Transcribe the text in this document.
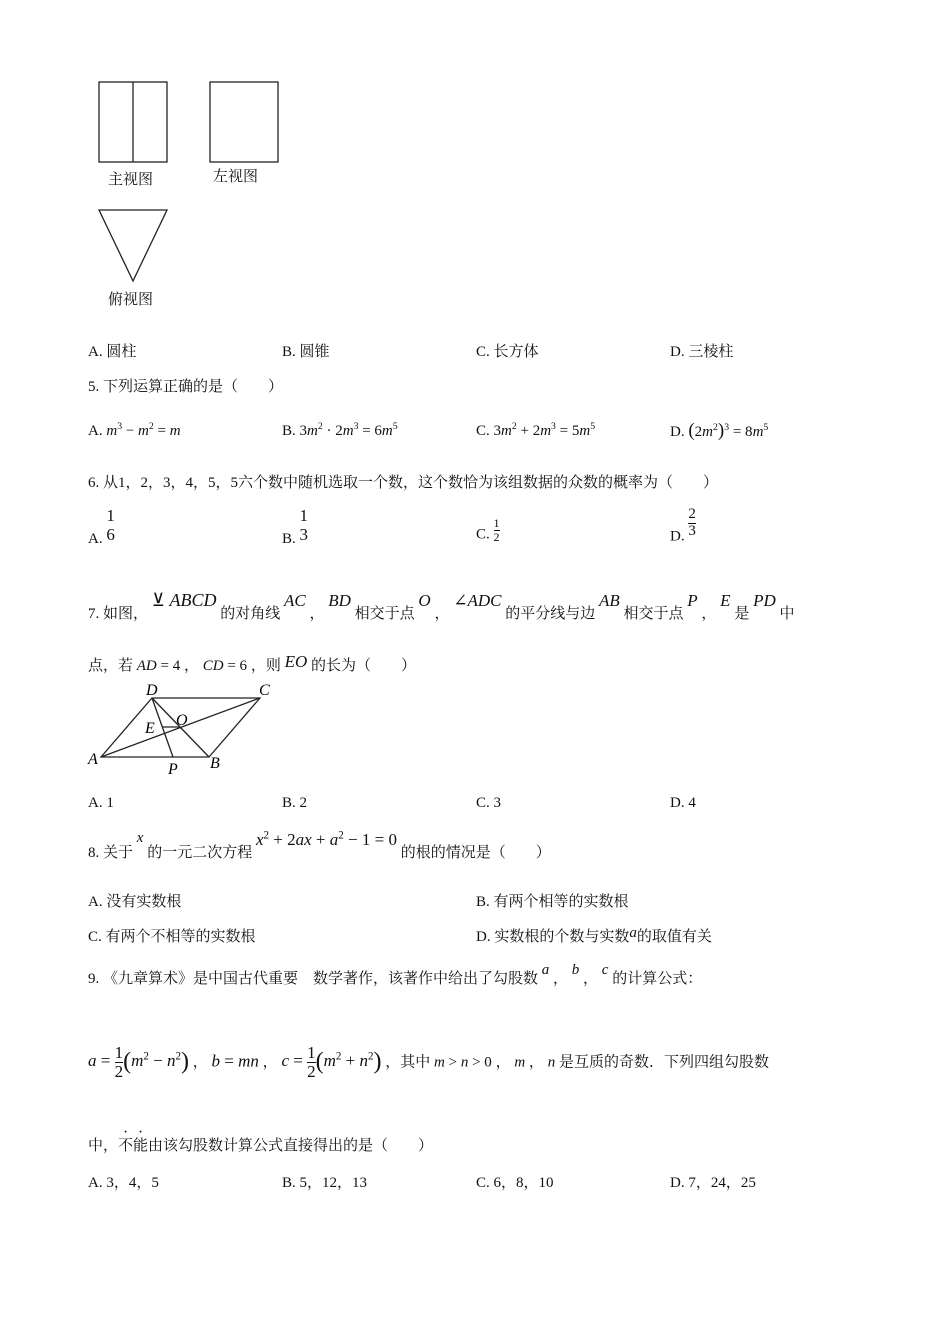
主视图	左视图
俯视图
A. 圆柱	B. 圆锥	C. 长方体	D. 三棱柱
5. 下列运算正确的是（　　）
A. $m^3 - m^2 = m$	B. $3m^2 \cdot 2m^3 = 6m^5$	C. $3m^2 + 2m^3 = 5m^5$	D. $(2m^2)^3 = 8m^5$
6. 从1，2，3，4，5，5六个数中随机选取一个数，这个数恰为该组数据的众数的概率为（　　）
A.
1
6	B.
1
3	C. $\frac{1}{2}$	D. $\frac{2}{3}$
7. 如图， ⊻ ABCD 的对角线 AC ， BD 相交于点 O ， ∠ADC 的平分线与边 AB 相交于点 P ， E 是 PD 中
点，若 AD = 4 ， CD = 6 ，则 EO 的长为（　　）
D	C
E O
A
P B
A. 1	B. 2	C. 3	D. 4
8. 关于 x 的一元二次方程 $x^2 + 2ax + a^2 - 1 = 0$ 的根的情况是（　　）
A. 没有实数根	B. 有两个相等的实数根
C. 有两个不相等的实数根	D. 实数根的个数与实数a的取值有关
9. 《九章算术》是中国古代重要　数学著作，该著作中给出了勾股数 a ， b ， c 的计算公式：
$a = \frac{1}{2} (m^2 - n^2)$ ， b = mn ， $c = \frac{1}{2} (m^2 + n^2)$ ，其中 m > n > 0 ， m ， n 是互质的奇数．下列四组勾股数
中，不能由该勾股数计算公式直接得出的是（　　）
A. 3，4，5	B. 5，12，13	C. 6，8，10	D. 7，24，25
